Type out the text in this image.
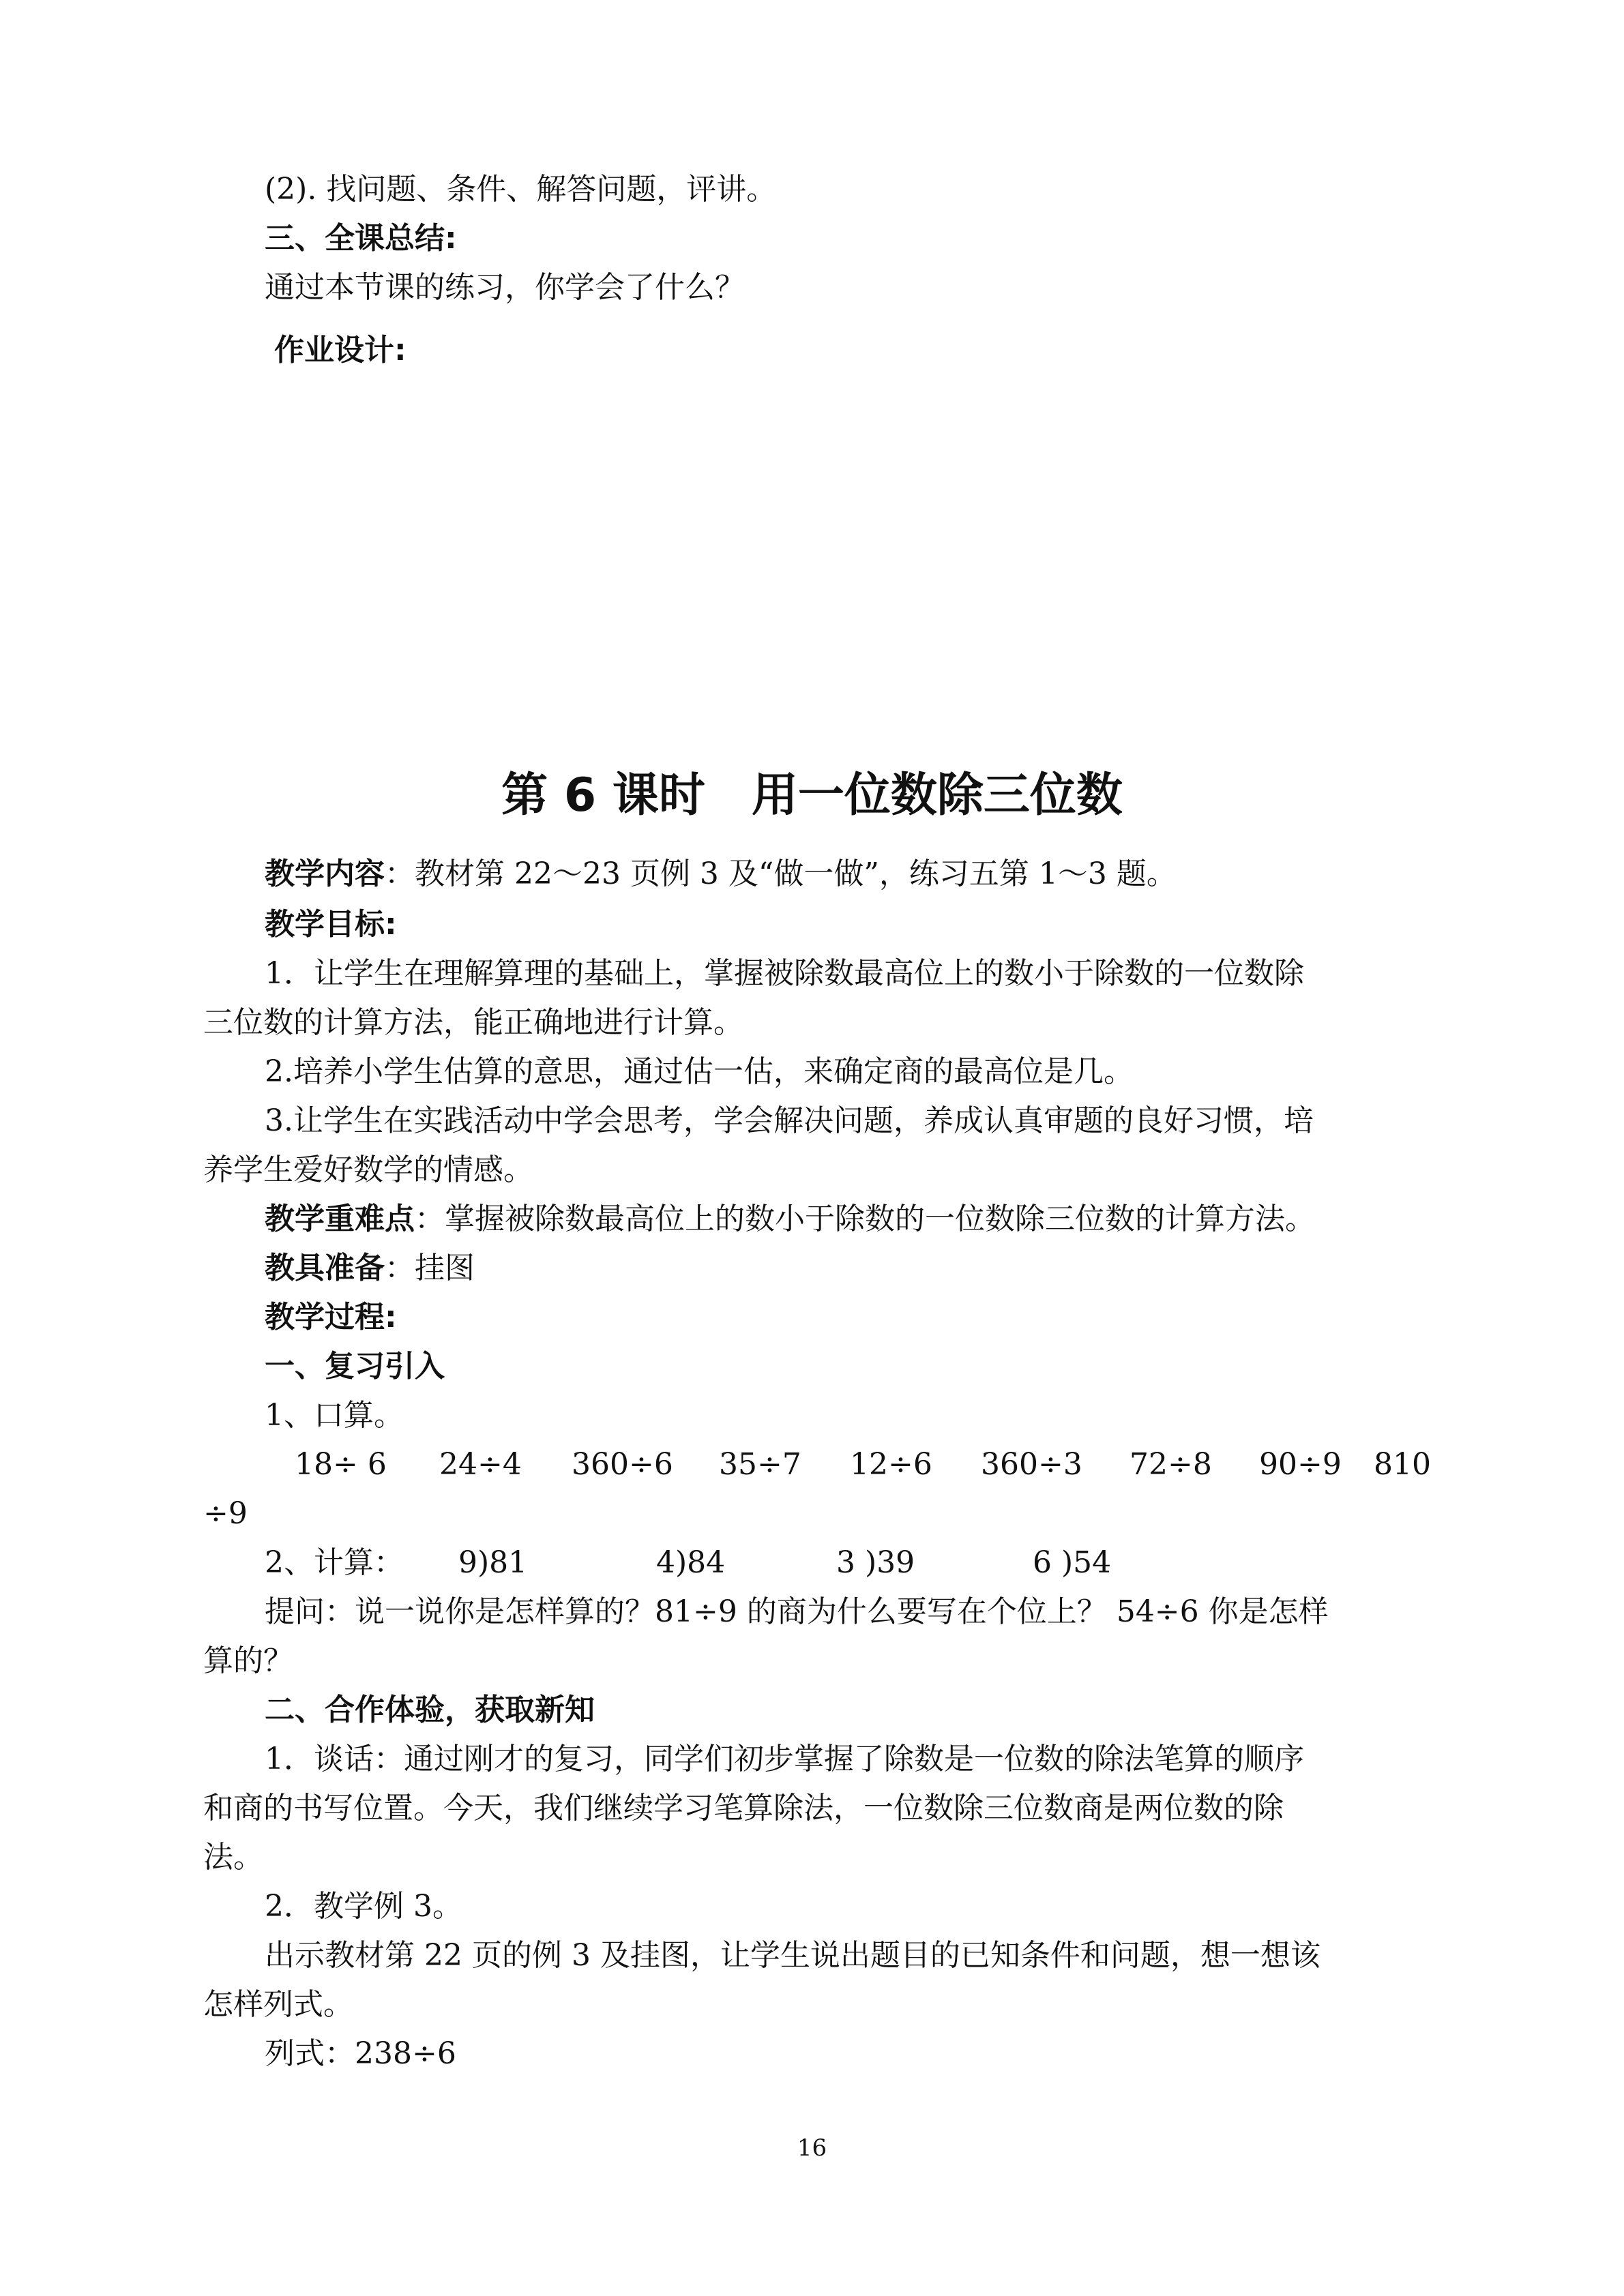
(2). 找问题、条件、解答问题，评讲。
三、全课总结:
通过本节课的练习，你学会了什么？
作业设计:
第 6 课时　用一位数除三位数
教学内容：教材第 22～23 页例 3 及“做一做”，练习五第 1～3 题。
教学目标:
1．让学生在理解算理的基础上，掌握被除数最高位上的数小于除数的一位数除
三位数的计算方法，能正确地进行计算。
2.培养小学生估算的意思，通过估一估，来确定商的最高位是几。
3.让学生在实践活动中学会思考，学会解决问题，养成认真审题的良好习惯，培
养学生爱好数学的情感。
教学重难点：掌握被除数最高位上的数小于除数的一位数除三位数的计算方法。
教具准备：挂图
教学过程:
一、复习引入
1、口算。
18÷ 6 24÷4 360÷6 35÷7 12÷6 360÷3 72÷8 90÷9 810
÷9
2、计算： 9)81	4)84	3 )39	6 )54
提问：说一说你是怎样算的？81÷9 的商为什么要写在个位上？ 54÷6 你是怎样
算的？
二、合作体验，获取新知
1．谈话：通过刚才的复习，同学们初步掌握了除数是一位数的除法笔算的顺序
和商的书写位置。今天，我们继续学习笔算除法，一位数除三位数商是两位数的除
法。
2．教学例 3。
出示教材第 22 页的例 3 及挂图，让学生说出题目的已知条件和问题，想一想该
怎样列式。
列式：238÷6
16
